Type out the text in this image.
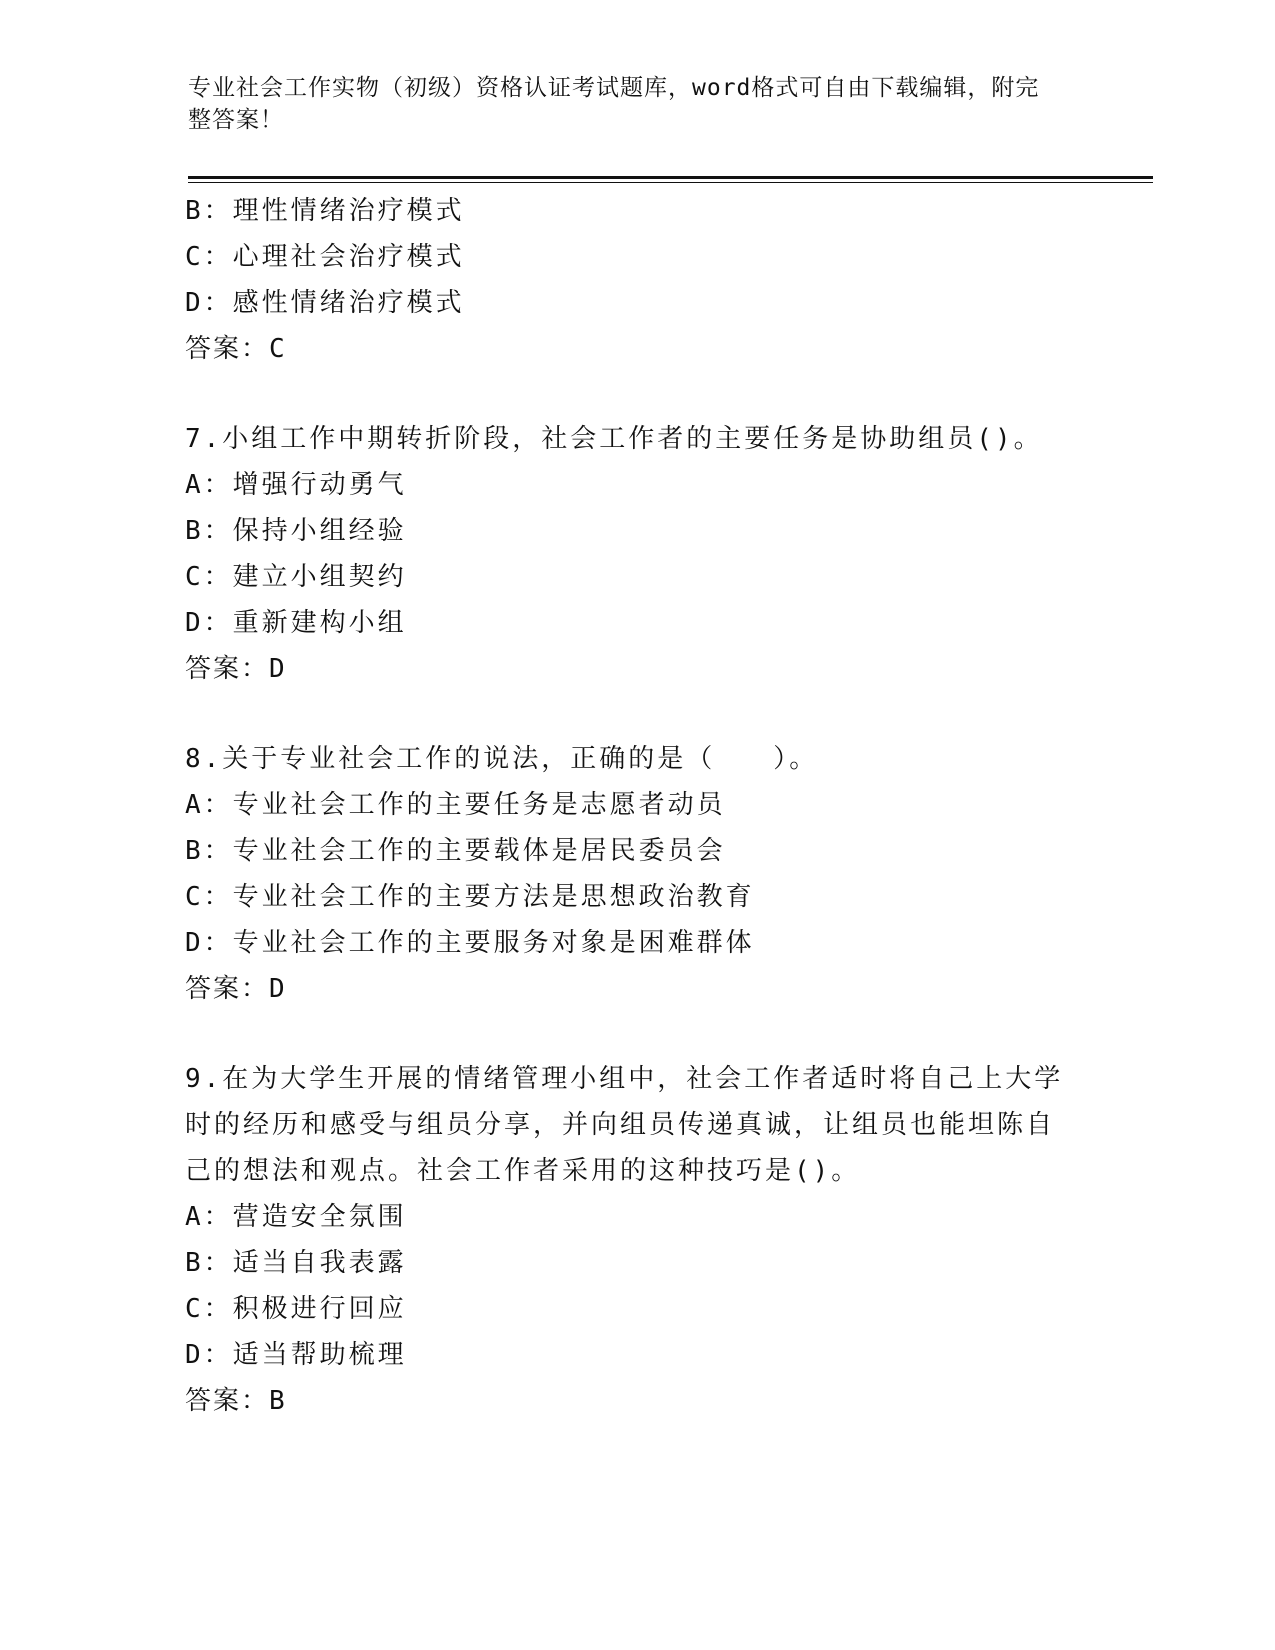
专业社会工作实物（初级）资格认证考试题库，word格式可自由下载编辑，附完
整答案！
B：理性情绪治疗模式
C：心理社会治疗模式
D：感性情绪治疗模式
答案：C
7.小组工作中期转折阶段，社会工作者的主要任务是协助组员()。
A：增强行动勇气
B：保持小组经验
C：建立小组契约
D：重新建构小组
答案：D
8.关于专业社会工作的说法，正确的是（　　）。
A：专业社会工作的主要任务是志愿者动员
B：专业社会工作的主要载体是居民委员会
C：专业社会工作的主要方法是思想政治教育
D：专业社会工作的主要服务对象是困难群体
答案：D
9.在为大学生开展的情绪管理小组中，社会工作者适时将自己上大学
时的经历和感受与组员分享，并向组员传递真诚，让组员也能坦陈自
己的想法和观点。社会工作者采用的这种技巧是()。
A：营造安全氛围
B：适当自我表露
C：积极进行回应
D：适当帮助梳理
答案：B
